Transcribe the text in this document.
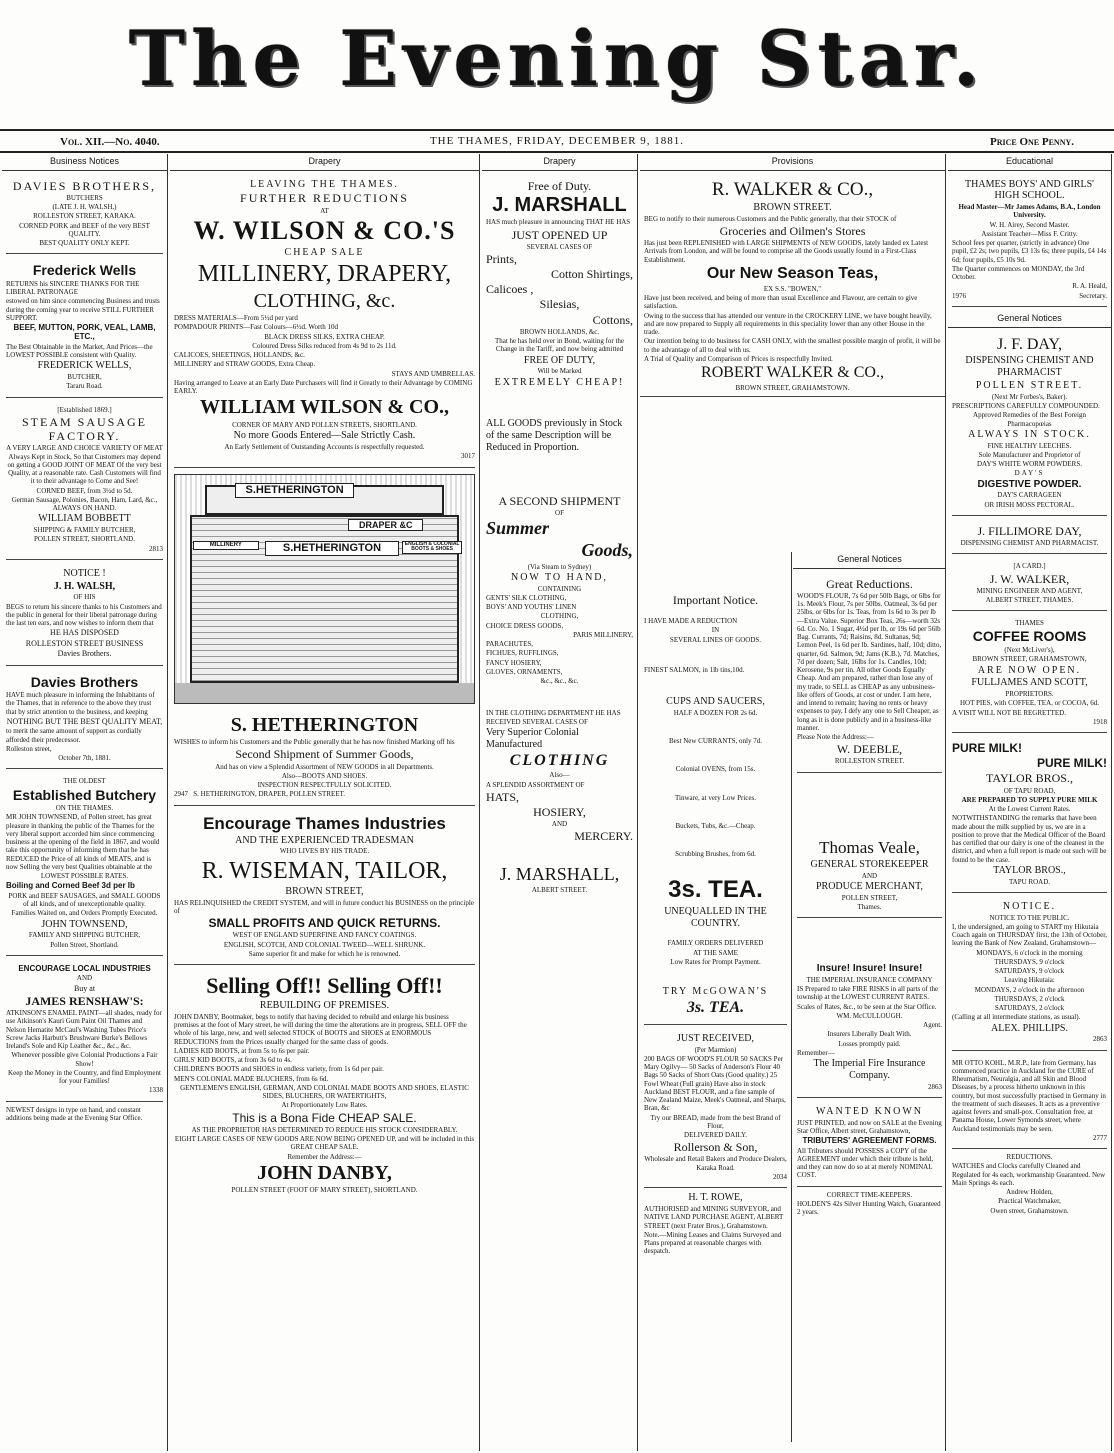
The Evening Star.
Vol. XII.—No. 4040.	THE THAMES, FRIDAY, DECEMBER 9, 1881.	Price One Penny.
Business Notices

DAVIES BROTHERS,

BUTCHERS

(LATE J. H. WALSH,)

ROLLESTON STREET, KARAKA.

CORNED PORK and BEEF of the very BEST QUALITY.

BEST QUALITY ONLY KEPT.

Frederick Wells

RETURNS his SINCERE THANKS FOR THE LIBERAL PATRONAGE

estowed on him since commencing Business and trusts during the coming year to receive STILL FURTHER SUPPORT.

BEEF, MUTTON, PORK, VEAL, LAMB, ETC.,

The Best Obtainable in the Market, And Prices—the LOWEST POSSIBLE consistent with Quality.

FREDERICK WELLS,

BUTCHER,

Tararu Road.

[Established 1869.]

STEAM SAUSAGE FACTORY.

A VERY LARGE AND CHOICE VARIETY OF MEAT Always Kept in Stock, So that Customers may depend on getting a GOOD JOINT OF MEAT Of the very best Quality, at a reasonable rate. Cash Customers will find it to their advantage to Come and See!

CORNED BEEF, from 3½d to 5d.

German Sausage, Polonies, Bacon, Ham, Lard, &c., ALWAYS ON HAND.

WILLIAM BOBBETT

SHIPPING & FAMILY BUTCHER,

POLLEN STREET, SHORTLAND.

2813

NOTICE !

J. H. WALSH,

OF HIS

BEGS to return his sincere thanks to his Customers and the public in general for their liberal patronage during the last ten ears, and now wishes to inform them that

HE HAS DISPOSED

ROLLESTON STREET BUSINESS

Davies Brothers.

Davies Brothers

HAVE much pleasure in informing the Inhabitants of the Thames, that in reference to the above they trust that by strict attention to the business, and keeping

NOTHING BUT THE BEST QUALITY MEAT,

to merit the same amount of support as cordially afforded their predecessor.

Rolleston street,

October 7th, 1881.

THE OLDEST

Established Butchery

ON THE THAMES.

MR JOHN TOWNSEND, of Pollen street, has great pleasure in thanking the public of the Thames for the very liberal support accorded him since commencing business at the opening of the field in 1867, and would take this opportunity of informing them that he has REDUCED the Price of all kinds of MEATS, and is now Selling the very best Qualities obtainable at the

LOWEST POSSIBLE RATES.

Boiling and Corned Beef 3d per lb

PORK and BEEF SAUSAGES, and SMALL GOODS of all kinds, and of unexceptionable quality.

Families Waited on, and Orders Promptly Executed.

JOHN TOWNSEND,

FAMILY AND SHIPPING BUTCHER,

Pollen Street, Shortland.

ENCOURAGE LOCAL INDUSTRIES

AND

Buy at

JAMES RENSHAW'S:

ATKINSON'S ENAMEL PAINT—all shades, ready for use Atkinson's Kauri Gum Paint Oil Thames and Nelson Hematite McCaul's Washing Tubes Price's Screw Jacks Harbutt's Brushware Burke's Bellows Ireland's Sole and Kip Leather &c., &c., &c.

Whenever possible give Colonial Productions a Fair Show!

Keep the Money in the Country, and find Employment for your Families!

1338

NEWEST designs in type on hand, and constant additions being made at the Evening Star Office.

Drapery

LEAVING THE THAMES.

FURTHER REDUCTIONS

AT

W. WILSON & CO.'S

CHEAP SALE

MILLINERY, DRAPERY,

CLOTHING, &c.

DRESS MATERIALS—From 5½d per yard

POMPADOUR PRINTS—Fast Colours—6½d. Worth 10d

BLACK DRESS SILKS, EXTRA CHEAP.

Coloured Dress Silks reduced from 4s 9d to 2s 11d.

CALICOES, SHEETINGS, HOLLANDS, &c.

MILLINERY and STRAW GOODS, Extra Cheap.

STAYS AND UMBRELLAS.

Having arranged to Leave at an Early Date Purchasers will find it Greatly to their Advantage by COMING EARLY.

WILLIAM WILSON & CO.,

CORNER OF MARY AND POLLEN STREETS, SHORTLAND.

No more Goods Entered—Sale Strictly Cash.

An Early Settlement of Outstanding Accounts is respectfully requested.

3017

S.HETHERINGTON
DRAPER &C
S.HETHERINGTON
MILLINERY	ENGLISH & COLONIAL BOOTS & SHOES

S. HETHERINGTON

WISHES to inform his Customers and the Public generally that he has now finished Marking off his

Second Shipment of Summer Goods,

And has on view a Splendid Assortment of NEW GOODS in all Departments.

Also—BOOTS AND SHOES.

INSPECTION RESPECTFULLY SOLICITED.

2947 S. HETHERINGTON, DRAPER, POLLEN STREET.

Encourage Thames Industries

AND THE EXPERIENCED TRADESMAN

WHO LIVES BY HIS TRADE.

R. WISEMAN, TAILOR,

BROWN STREET,

HAS RELINQUISHED the CREDIT SYSTEM, and will in future conduct his BUSINESS on the principle of

SMALL PROFITS AND QUICK RETURNS.

WEST OF ENGLAND SUPERFINE AND FANCY COATINGS.

ENGLISH, SCOTCH, AND COLONIAL TWEED—WELL SHRUNK.

Same superior fit and make for which he is renowned.

Selling Off!! Selling Off!!

REBUILDING OF PREMISES.

JOHN DANBY, Bootmaker, begs to notify that having decided to rebuild and enlarge his business premises at the foot of Mary street, he will during the time the alterations are in progress, SELL OFF the whole of his large, new, and well selected STOCK of BOOTS and SHOES at ENORMOUS REDUCTIONS from the Prices usually charged for the same class of goods.

LADIES KID BOOTS, at from 5s to 6s per pair.

GIRLS' KID BOOTS, at from 3s 6d to 4s.

CHILDREN'S BOOTS and SHOES in endless variety, from 1s 6d per pair.

MEN'S COLONIAL MADE BLUCHERS, from 6s 6d.

GENTLEMEN'S ENGLISH, GERMAN, AND COLONIAL MADE BOOTS AND SHOES, ELASTIC SIDES, BLUCHERS, OR WATERTIGHTS,

At Proportionately Low Rates.

This is a Bona Fide CHEAP SALE.

AS THE PROPRIETOR HAS DETERMINED TO REDUCE HIS STOCK CONSIDERABLY.

EIGHT LARGE CASES OF NEW GOODS ARE NOW BEING OPENED UP, and will be included in this GREAT CHEAP SALE.

Remember the Address:—

JOHN DANBY,

POLLEN STREET (FOOT OF MARY STREET), SHORTLAND.

Drapery

Free of Duty.

J. MARSHALL

HAS much pleasure in announcing THAT HE HAS

JUST OPENED UP

SEVERAL CASES OF

Prints,

Cotton Shirtings,

Calicoes ,

Silesias,

Cottons,

BROWN HOLLANDS, &c.

That he has held over in Bond, waiting for the Change in the Tariff, and now being admitted

FREE OF DUTY,

Will be Marked

EXTREMELY CHEAP!

ALL GOODS previously in Stock of the same Description will be Reduced in Proportion.

A SECOND SHIPMENT

OF

Summer

Goods,

(Via Steam to Sydney)

NOW TO HAND,

CONTAINING

GENTS' SILK CLOTHING,

BOYS' AND YOUTHS' LINEN

CLOTHING,

CHOICE DRESS GOODS,

PARIS MILLINERY,

PARACHUTES,

FICHUES, RUFFLINGS,

FANCY HOSIERY,

GLOVES, ORNAMENTS,

&c., &c., &c.

IN THE CLOTHING DEPARTMENT HE HAS RECEIVED SEVERAL CASES OF

Very Superior Colonial Manufactured

CLOTHING

Also—

A SPLENDID ASSORTMENT OF

HATS,

HOSIERY,

AND

MERCERY.

J. MARSHALL,

ALBERT STREET.

Provisions

R. WALKER & CO.,

BROWN STREET.

BEG to notify to their numerous Customers and the Public generally, that their STOCK of

Groceries and Oilmen's Stores

Has just been REPLENISHED with LARGE SHIPMENTS of NEW GOODS, lately landed ex Latest Arrivals from London, and will be found to comprise all the Goods usually found in a First-Class Establishment.

Our New Season Teas,

EX S.S. "BOWEN,"

Have just been received, and being of more than usual Excellence and Flavour, are certain to give satisfaction.

Owing to the success that has attended our venture in the CROCKERY LINE, we have bought heavily, and are now prepared to Supply all requirements in this speciality lower than any other House in the trade.

Our intention being to do business for CASH ONLY, with the smallest possible margin of profit, it will be to the advantage of all to deal with us.

A Trial of Quality and Comparison of Prices is respectfully Invited.

ROBERT WALKER & CO.,

BROWN STREET, GRAHAMSTOWN.

Important Notice.

I HAVE MADE A REDUCTION

IN

SEVERAL LINES OF GOODS.

FINEST SALMON, in 1lb tins,10d.

CUPS AND SAUCERS,

HALF A DOZEN FOR 2s 6d.

Best New CURRANTS, only 7d.

Colonial OVENS, from 15s.

Tinware, at very Low Prices.

Buckets, Tubs, &c.—Cheap.

Scrubbing Brushes, from 6d.

3s. TEA.

UNEQUALLED IN THE COUNTRY.

FAMILY ORDERS DELIVERED

AT THE SAME

Low Rates for Prompt Payment.

TRY McGOWAN'S

3s. TEA.

JUST RECEIVED,

(Per Marmion)

200 BAGS OF WOOD'S FLOUR 50 SACKS Per Mary Ogilvy— 50 Sacks of Anderson's Flour 40 Bags 50 Sacks of Short Oats (Good quality.) 25 Fowl Wheat (Full grain) Have also in stock Auckland BEST FLOUR, and a fine sample of New Zealand Maize, Meek's Oatmeal, and Sharps, Bran, &c

Try our BREAD, made from the best Brand of Flour,

DELIVERED DAILY.

Rollerson & Son,

Wholesale and Retail Bakers and Produce Dealers, Karaka Road.

2034

H. T. ROWE,

AUTHORISED and MINING SURVEYOR, and NATIVE LAND PURCHASE AGENT, ALBERT STREET (next Frater Bros.), Grahamstown.

Note.—Mining Leases and Claims Surveyed and Plans prepared at reasonable charges with despatch.

General Notices

Great Reductions.

WOOD'S FLOUR, 7s 6d per 50lb Bags, or 6lbs for 1s. Meek's Flour, 7s per 50lbs. Oatmeal, 3s 6d per 25lbs, or 6lbs for 1s. Teas, from 1s 6d to 3s per lb—Extra Value. Superior Box Teas, 26s—worth 32s 6d. Co. No. 1 Sugar, 4½d per lb, or 19s 6d per 56lb Bag. Currants, 7d; Raisins, 8d. Sultanas, 9d; Lemon Peel, 1s 6d per lb. Sardines, half, 10d; ditto, quarter, 6d. Salmon, 9d; Jams (K.B.), 7d. Matches, 7d per dozen; Salt, 16lbs for 1s. Candles, 10d; Kerosene, 9s per tin. All other Goods Equally Cheap. And am prepared, rather than lose any of my trade, to SELL as CHEAP as any unbusiness-like offers of Goods, at cost or under. I am here, and intend to remain; having no rents or heavy expenses to pay, I defy any one to Sell Cheaper, as long as it is done publicly and in a business-like manner.

Please Note the Address:—

W. DEEBLE,

ROLLESTON STREET.

Thomas Veale,

GENERAL STOREKEEPER

AND

PRODUCE MERCHANT,

POLLEN STREET,

Thames.

Insure! Insure! Insure!

THE IMPERIAL INSURANCE COMPANY

IS Prepared to take FIRE RISKS in all parts of the township at the LOWEST CURRENT RATES.

Scales of Rates, &c., to be seen at the Star Office.

WM. McCULLOUGH.

Agent.

Insurers Liberally Dealt With.

Losses promptly paid.

Remember—

The Imperial Fire Insurance Company.

2863

WANTED KNOWN

JUST PRINTED, and now on SALE at the Evening Star Office, Albert street, Grahamstown,

TRIBUTERS' AGREEMENT FORMS.

All Tributers should POSSESS a COPY of the AGREEMENT under which their tribute is held, and they can now do so at at merely NOMINAL COST.

CORRECT TIME-KEEPERS.

HOLDEN'S 42s Silver Hunting Watch, Guaranteed 2 years.

Educational

THAMES BOYS' AND GIRLS' HIGH SCHOOL.

Head Master—Mr James Adams, B.A., London University.

W. H. Airey, Second Master.

Assistant Teacher—Miss F. Critty.

School fees per quarter, (strictly in advance) One pupil, £2 2s; two pupils, £3 13s 6s; three pupils, £4 14s 6d; four pupils, £5 10s 9d.

The Quarter commences on MONDAY, the 3rd October.

R. A. Heald,

1976	Secretary.

General Notices

J. F. DAY,

DISPENSING CHEMIST AND PHARMACIST

POLLEN STREET.

(Next Mr Forbes's, Baker).

PRESCRIPTIONS CAREFULLY COMPOUNDED.

Approved Remedies of the Best Foreign Pharmacopœias

ALWAYS IN STOCK.

FINE HEALTHY LEECHES.

Sole Manufacturer and Proprietor of

DAY'S WHITE WORM POWDERS.

DAY'S

DIGESTIVE POWDER.

DAY'S CARRAGEEN

OR IRISH MOSS PECTORAL.

J. FILLIMORE DAY,

DISPENSING CHEMIST AND PHARMACIST.

[A CARD.]

J. W. WALKER,

MINING ENGINEER AND AGENT,

ALBERT STREET, THAMES.

THAMES

COFFEE ROOMS

(Next McLiver's),

BROWN STREET, GRAHAMSTOWN,

ARE NOW OPEN.

FULLJAMES AND SCOTT,

PROPRIETORS.

HOT PIES, with COFFEE, TEA, or COCOA, 6d.

A VISIT WILL NOT BE REGRETTED.

1918

PURE MILK!

PURE MILK!

TAYLOR BROS.,

OF TAPU ROAD,

ARE PREPARED TO SUPPLY PURE MILK

At the Lowest Current Rates.

NOTWITHSTANDING the remarks that have been made about the milk supplied by us, we are in a position to prove that the Medical Officer of the Board has certified that our dairy is one of the cleanest in the district, and when a full report is made out such will be found to be the case.

TAYLOR BROS.,

TAPU ROAD.

NOTICE.

NOTICE TO THE PUBLIC.

I, the undersigned, am going to START my Hikutaia Coach again on THURSDAY first, the 13th of October, leaving the Bank of New Zealand, Grahamstown—

MONDAYS, 6 o'clock in the morning

THURSDAYS, 9 o'clock

SATURDAYS, 9 o'clock

Leaving Hikutaia:

MONDAYS, 2 o'clock in the afternoon

THURSDAYS, 2 o'clock

SATURDAYS, 2 o'clock

(Calling at all intermediate stations, as usual).

ALEX. PHILLIPS.

2863

MR OTTO KOHL, M.R.P., late from Germany, has commenced practice in Auckland for the CURE of Rheumatism, Neuralgia, and all Skin and Blood Diseases, by a process hitherto unknown in this country, but most successfully practised in Germany in the treatment of such diseases. It acts as a preventive against fevers and small-pox. Consultation free, at Panama House, Lower Symonds street, where Auckland testimonials may be seen.

2777

REDUCTIONS.

WATCHES and Clocks carefully Cleaned and Regulated for 4s each, workmanship Guaranteed. New Main Springs 4s each.

Andrew Holden,

Practical Watchmaker,

Owen street, Grahamstown.
